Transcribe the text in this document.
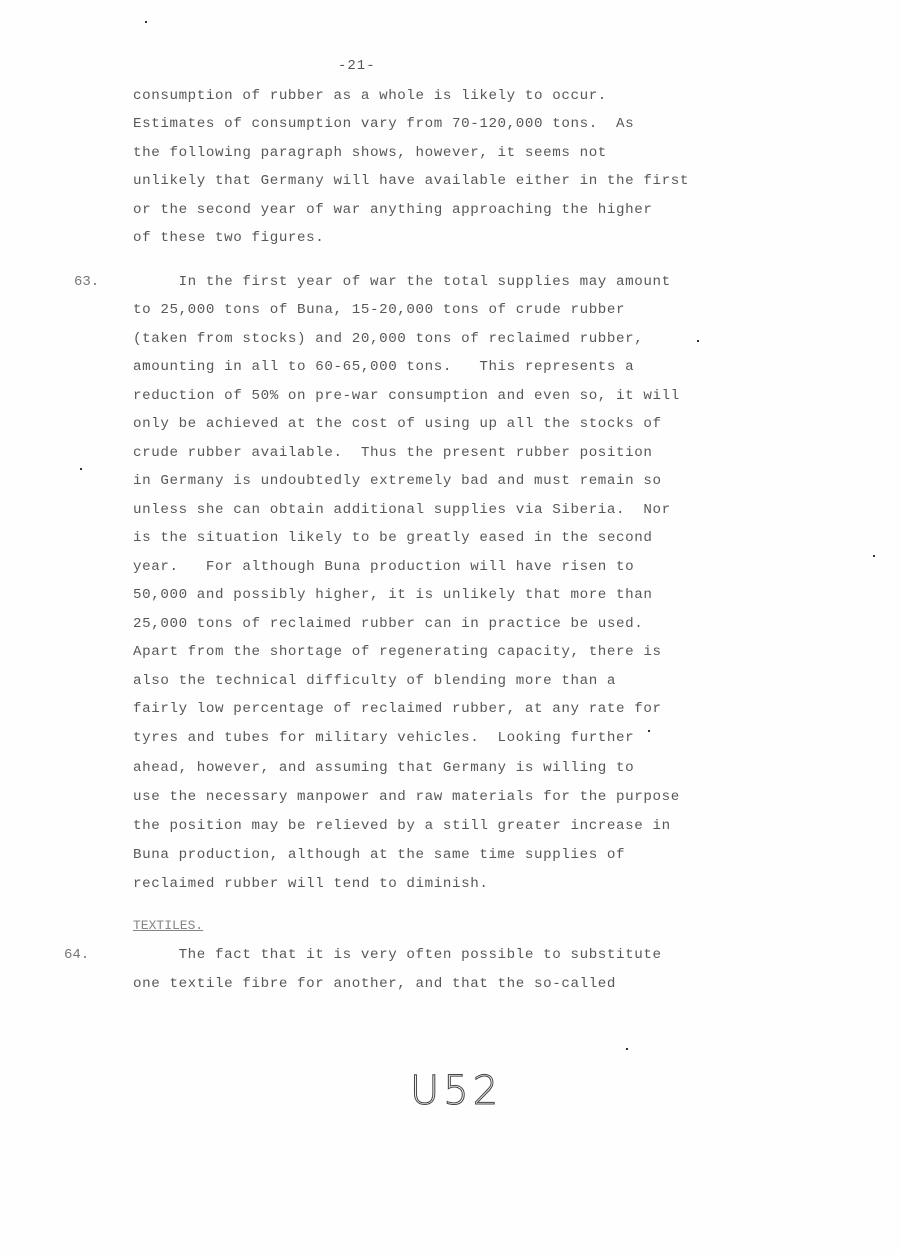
-21-
consumption of rubber as a whole is likely to occur.
Estimates of consumption vary from 70-120,000 tons.  As
the following paragraph shows, however, it seems not
unlikely that Germany will have available either in the first
or the second year of war anything approaching the higher
of these two figures.
63. In the first year of war the total supplies may amount
to 25,000 tons of Buna, 15-20,000 tons of crude rubber
(taken from stocks) and 20,000 tons of reclaimed rubber,
amounting in all to 60-65,000 tons.   This represents a
reduction of 50% on pre-war consumption and even so, it will
only be achieved at the cost of using up all the stocks of
crude rubber available.  Thus the present rubber position
in Germany is undoubtedly extremely bad and must remain so
unless she can obtain additional supplies via Siberia.  Nor
is the situation likely to be greatly eased in the second
year.   For although Buna production will have risen to
50,000 and possibly higher, it is unlikely that more than
25,000 tons of reclaimed rubber can in practice be used.
Apart from the shortage of regenerating capacity, there is
also the technical difficulty of blending more than a
fairly low percentage of reclaimed rubber, at any rate for
tyres and tubes for military vehicles.  Looking further
ahead, however, and assuming that Germany is willing to
use the necessary manpower and raw materials for the purpose
the position may be relieved by a still greater increase in
Buna production, although at the same time supplies of
reclaimed rubber will tend to diminish.
TEXTILES.
64.	The fact that it is very often possible to substitute
one textile fibre for another, and that the so-called
U52
